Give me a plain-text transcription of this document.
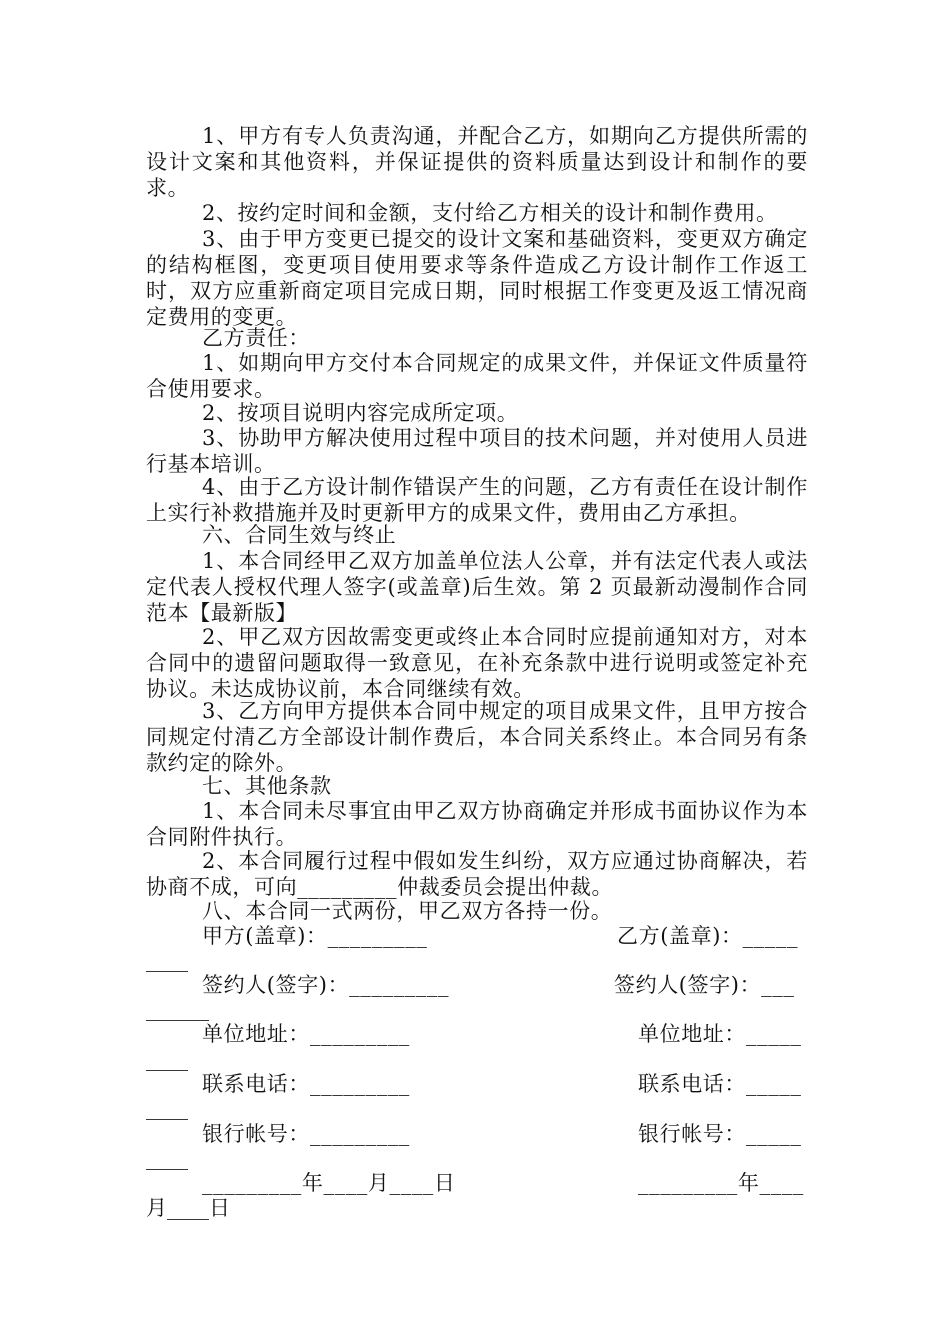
1、甲方有专人负责沟通，并配合乙方，如期向乙方提供所需的设计文案和其他资料，并保证提供的资料质量达到设计和制作的要求。

2、按约定时间和金额，支付给乙方相关的设计和制作费用。

3、由于甲方变更已提交的设计文案和基础资料，变更双方确定的结构框图，变更项目使用要求等条件造成乙方设计制作工作返工时，双方应重新商定项目完成日期，同时根据工作变更及返工情况商定费用的变更。

乙方责任：

1、如期向甲方交付本合同规定的成果文件，并保证文件质量符合使用要求。

2、按项目说明内容完成所定项。

3、协助甲方解决使用过程中项目的技术问题，并对使用人员进行基本培训。

4、由于乙方设计制作错误产生的问题，乙方有责任在设计制作上实行补救措施并及时更新甲方的成果文件，费用由乙方承担。

六、合同生效与终止

1、本合同经甲乙双方加盖单位法人公章，并有法定代表人或法定代表人授权代理人签字(或盖章)后生效。第 2 页最新动漫制作合同范本【最新版】

2、甲乙双方因故需变更或终止本合同时应提前通知对方，对本合同中的遗留问题取得一致意见，在补充条款中进行说明或签定补充协议。未达成协议前，本合同继续有效。

3、乙方向甲方提供本合同中规定的项目成果文件，且甲方按合同规定付清乙方全部设计制作费后，本合同关系终止。本合同另有条款约定的除外。

七、其他条款

1、本合同未尽事宜由甲乙双方协商确定并形成书面协议作为本合同附件执行。

2、本合同履行过程中假如发生纠纷，双方应通过协商解决，若协商不成，可向_________仲裁委员会提出仲裁。

八、本合同一式两份，甲乙双方各持一份。

甲方(盖章)：_________	乙方(盖章)：_____
____
签约人(签字)：_________	签约人(签字)：___
______
单位地址：_________	单位地址：_____
____
联系电话：_________	联系电话：_____
____
银行帐号：_________	银行帐号：_____
____
_________年____月____日	_________年____
月____日
